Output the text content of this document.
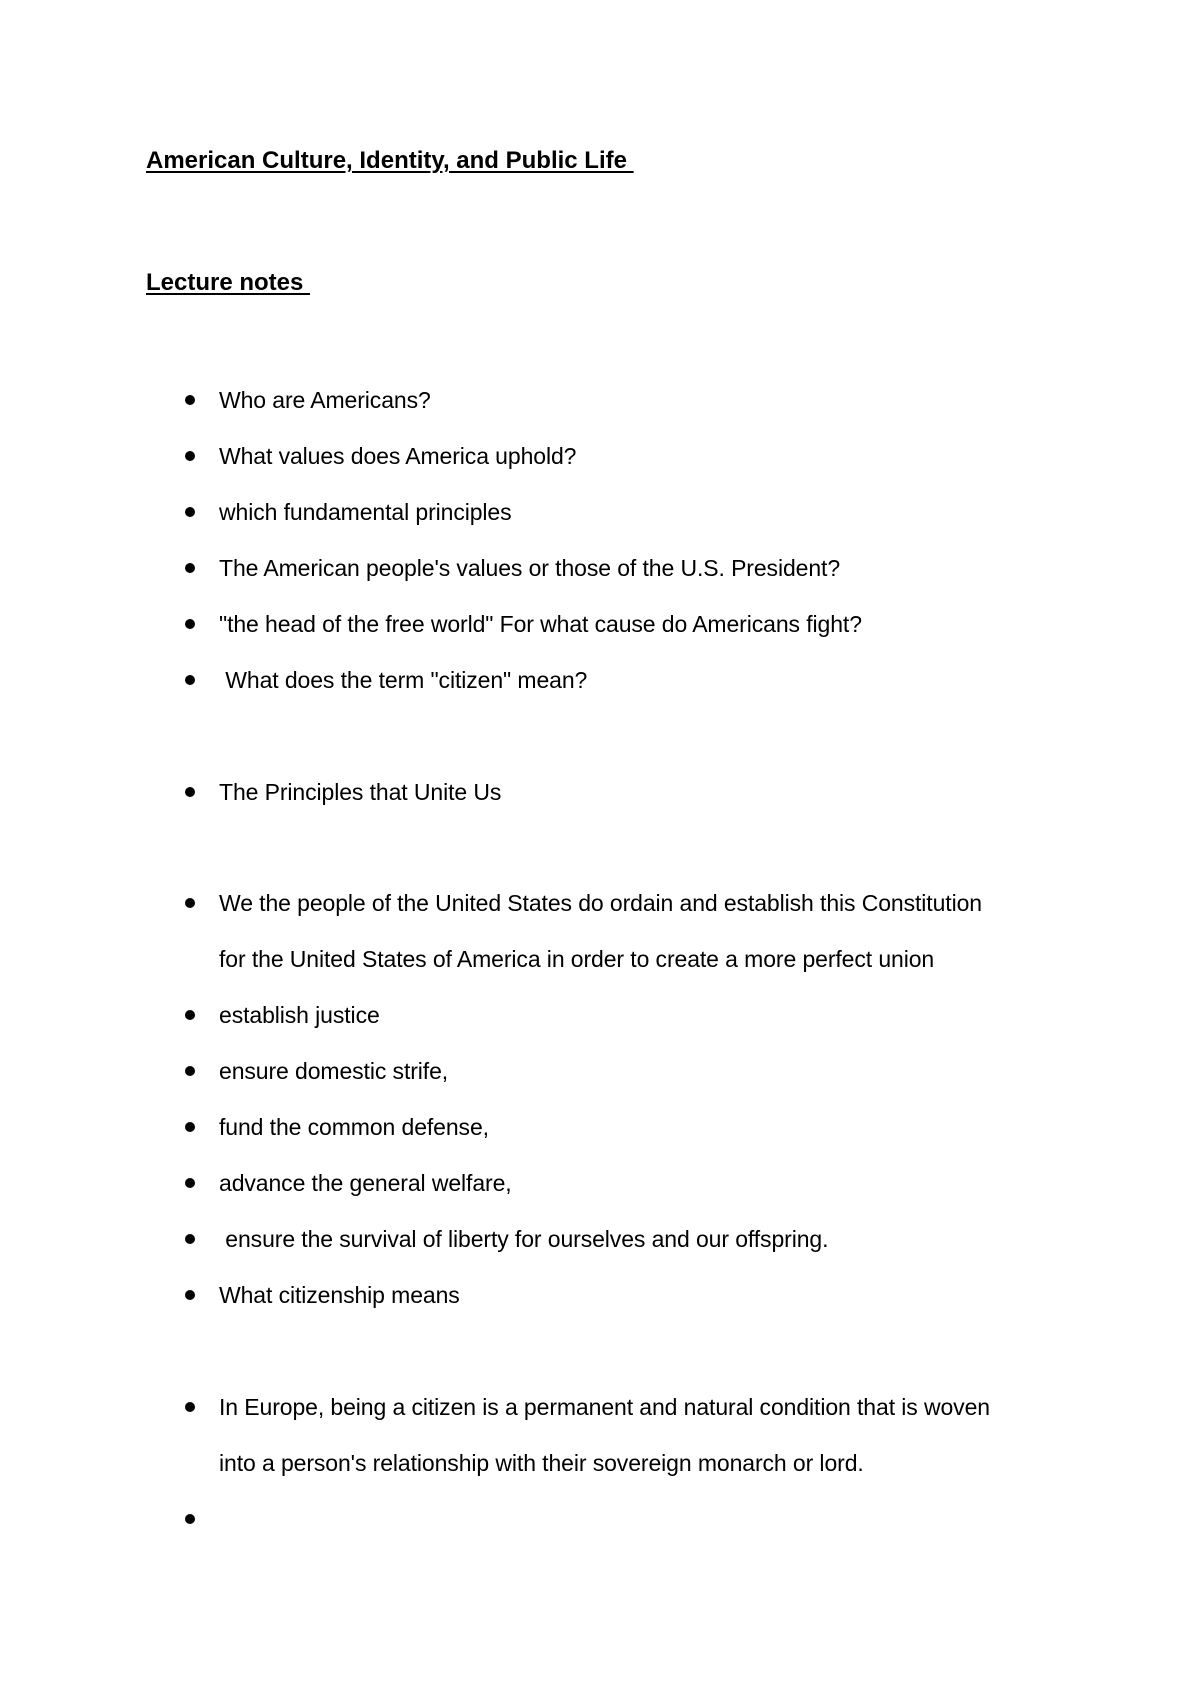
American Culture, Identity, and Public Life
Lecture notes

Who are Americans?

What values does America uphold?

which fundamental principles

The American people's values or those of the U.S. President?

"the head of the free world" For what cause do Americans fight?

What does the term "citizen" mean?

The Principles that Unite Us

We the people of the United States do ordain and establish this Constitution

for the United States of America in order to create a more perfect union

establish justice

ensure domestic strife,

fund the common defense,

advance the general welfare,

ensure the survival of liberty for ourselves and our offspring.

What citizenship means

In Europe, being a citizen is a permanent and natural condition that is woven

into a person's relationship with their sovereign monarch or lord.
